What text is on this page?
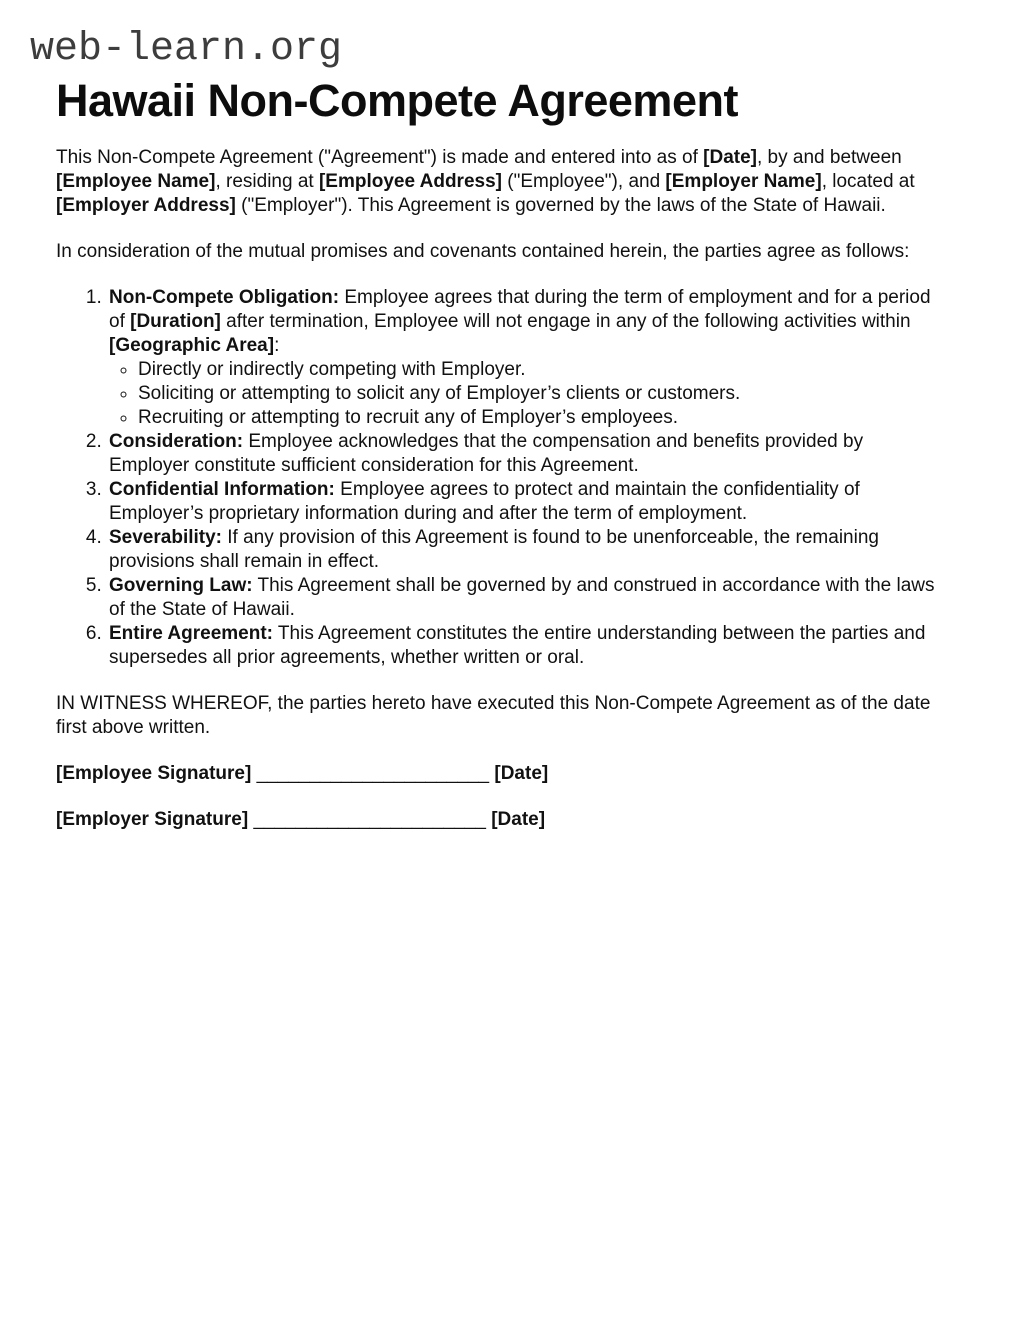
web-learn.org
Hawaii Non-Compete Agreement

This Non-Compete Agreement ("Agreement") is made and entered into as of [Date], by and between [Employee Name], residing at [Employee Address] ("Employee"), and [Employer Name], located at [Employer Address] ("Employer"). This Agreement is governed by the laws of the State of Hawaii.

In consideration of the mutual promises and covenants contained herein, the parties agree as follows:

1. Non-Compete Obligation: Employee agrees that during the term of employment and for a period of [Duration] after termination, Employee will not engage in any of the following activities within [Geographic Area]:
◦ Directly or indirectly competing with Employer.
◦ Soliciting or attempting to solicit any of Employer’s clients or customers.
◦ Recruiting or attempting to recruit any of Employer’s employees.
2. Consideration: Employee acknowledges that the compensation and benefits provided by Employer constitute sufficient consideration for this Agreement.
3. Confidential Information: Employee agrees to protect and maintain the confidentiality of Employer’s proprietary information during and after the term of employment.
4. Severability: If any provision of this Agreement is found to be unenforceable, the remaining provisions shall remain in effect.
5. Governing Law: This Agreement shall be governed by and construed in accordance with the laws of the State of Hawaii.
6. Entire Agreement: This Agreement constitutes the entire understanding between the parties and supersedes all prior agreements, whether written or oral.

IN WITNESS WHEREOF, the parties hereto have executed this Non-Compete Agreement as of the date first above written.

[Employee Signature] ______________________ [Date]

[Employer Signature] ______________________ [Date]
